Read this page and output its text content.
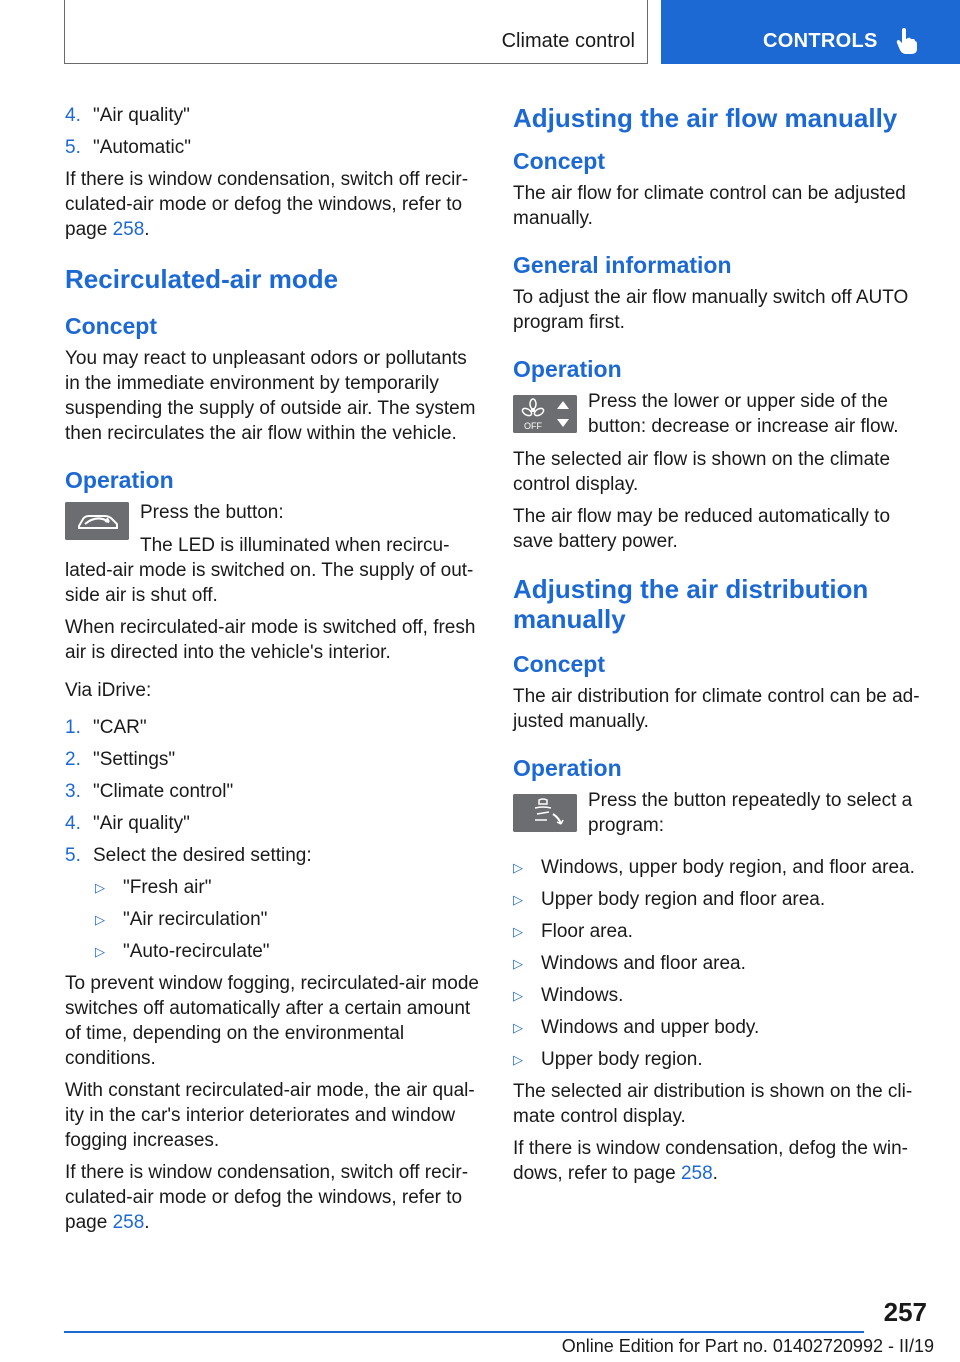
Climate control	CONTROLS
4. "Air quality"
5. "Automatic"

If there is window condensation, switch off recir-culated-air mode or defog the windows, refer to page 258.

Recirculated-air mode
Concept

You may react to unpleasant odors or pollutants in the immediate environment by temporarily suspending the supply of outside air. The system then recirculates the air flow within the vehicle.

Operation

Press the button:

The LED is illuminated when recircu-
lated-air mode is switched on. The supply of out-side air is shut off.

When recirculated-air mode is switched off, fresh air is directed into the vehicle's interior.

Via iDrive:

1. "CAR"
2. "Settings"
3. "Climate control"
4. "Air quality"
5. Select the desired setting:
▷ "Fresh air"
▷ "Air recirculation"
▷ "Auto-recirculate"

To prevent window fogging, recirculated-air mode switches off automatically after a certain amount of time, depending on the environmental conditions.

With constant recirculated-air mode, the air qual-ity in the car's interior deteriorates and window fogging increases.

If there is window condensation, switch off recir-culated-air mode or defog the windows, refer to page 258.

Adjusting the air flow manually
Concept

The air flow for climate control can be adjusted manually.

General information

To adjust the air flow manually switch off AUTO program first.

Operation
OFF

Press the lower or upper side of the button: decrease or increase air flow.

The selected air flow is shown on the climate control display.

The air flow may be reduced automatically to save battery power.

Adjusting the air distribution manually
Concept

The air distribution for climate control can be ad-justed manually.

Operation

Press the button repeatedly to select a program:

▷ Windows, upper body region, and floor area.
▷ Upper body region and floor area.
▷ Floor area.
▷ Windows and floor area.
▷ Windows.
▷ Windows and upper body.
▷ Upper body region.

The selected air distribution is shown on the cli-mate control display.

If there is window condensation, defog the win-dows, refer to page 258.

257
Online Edition for Part no. 01402720992 - II/19
